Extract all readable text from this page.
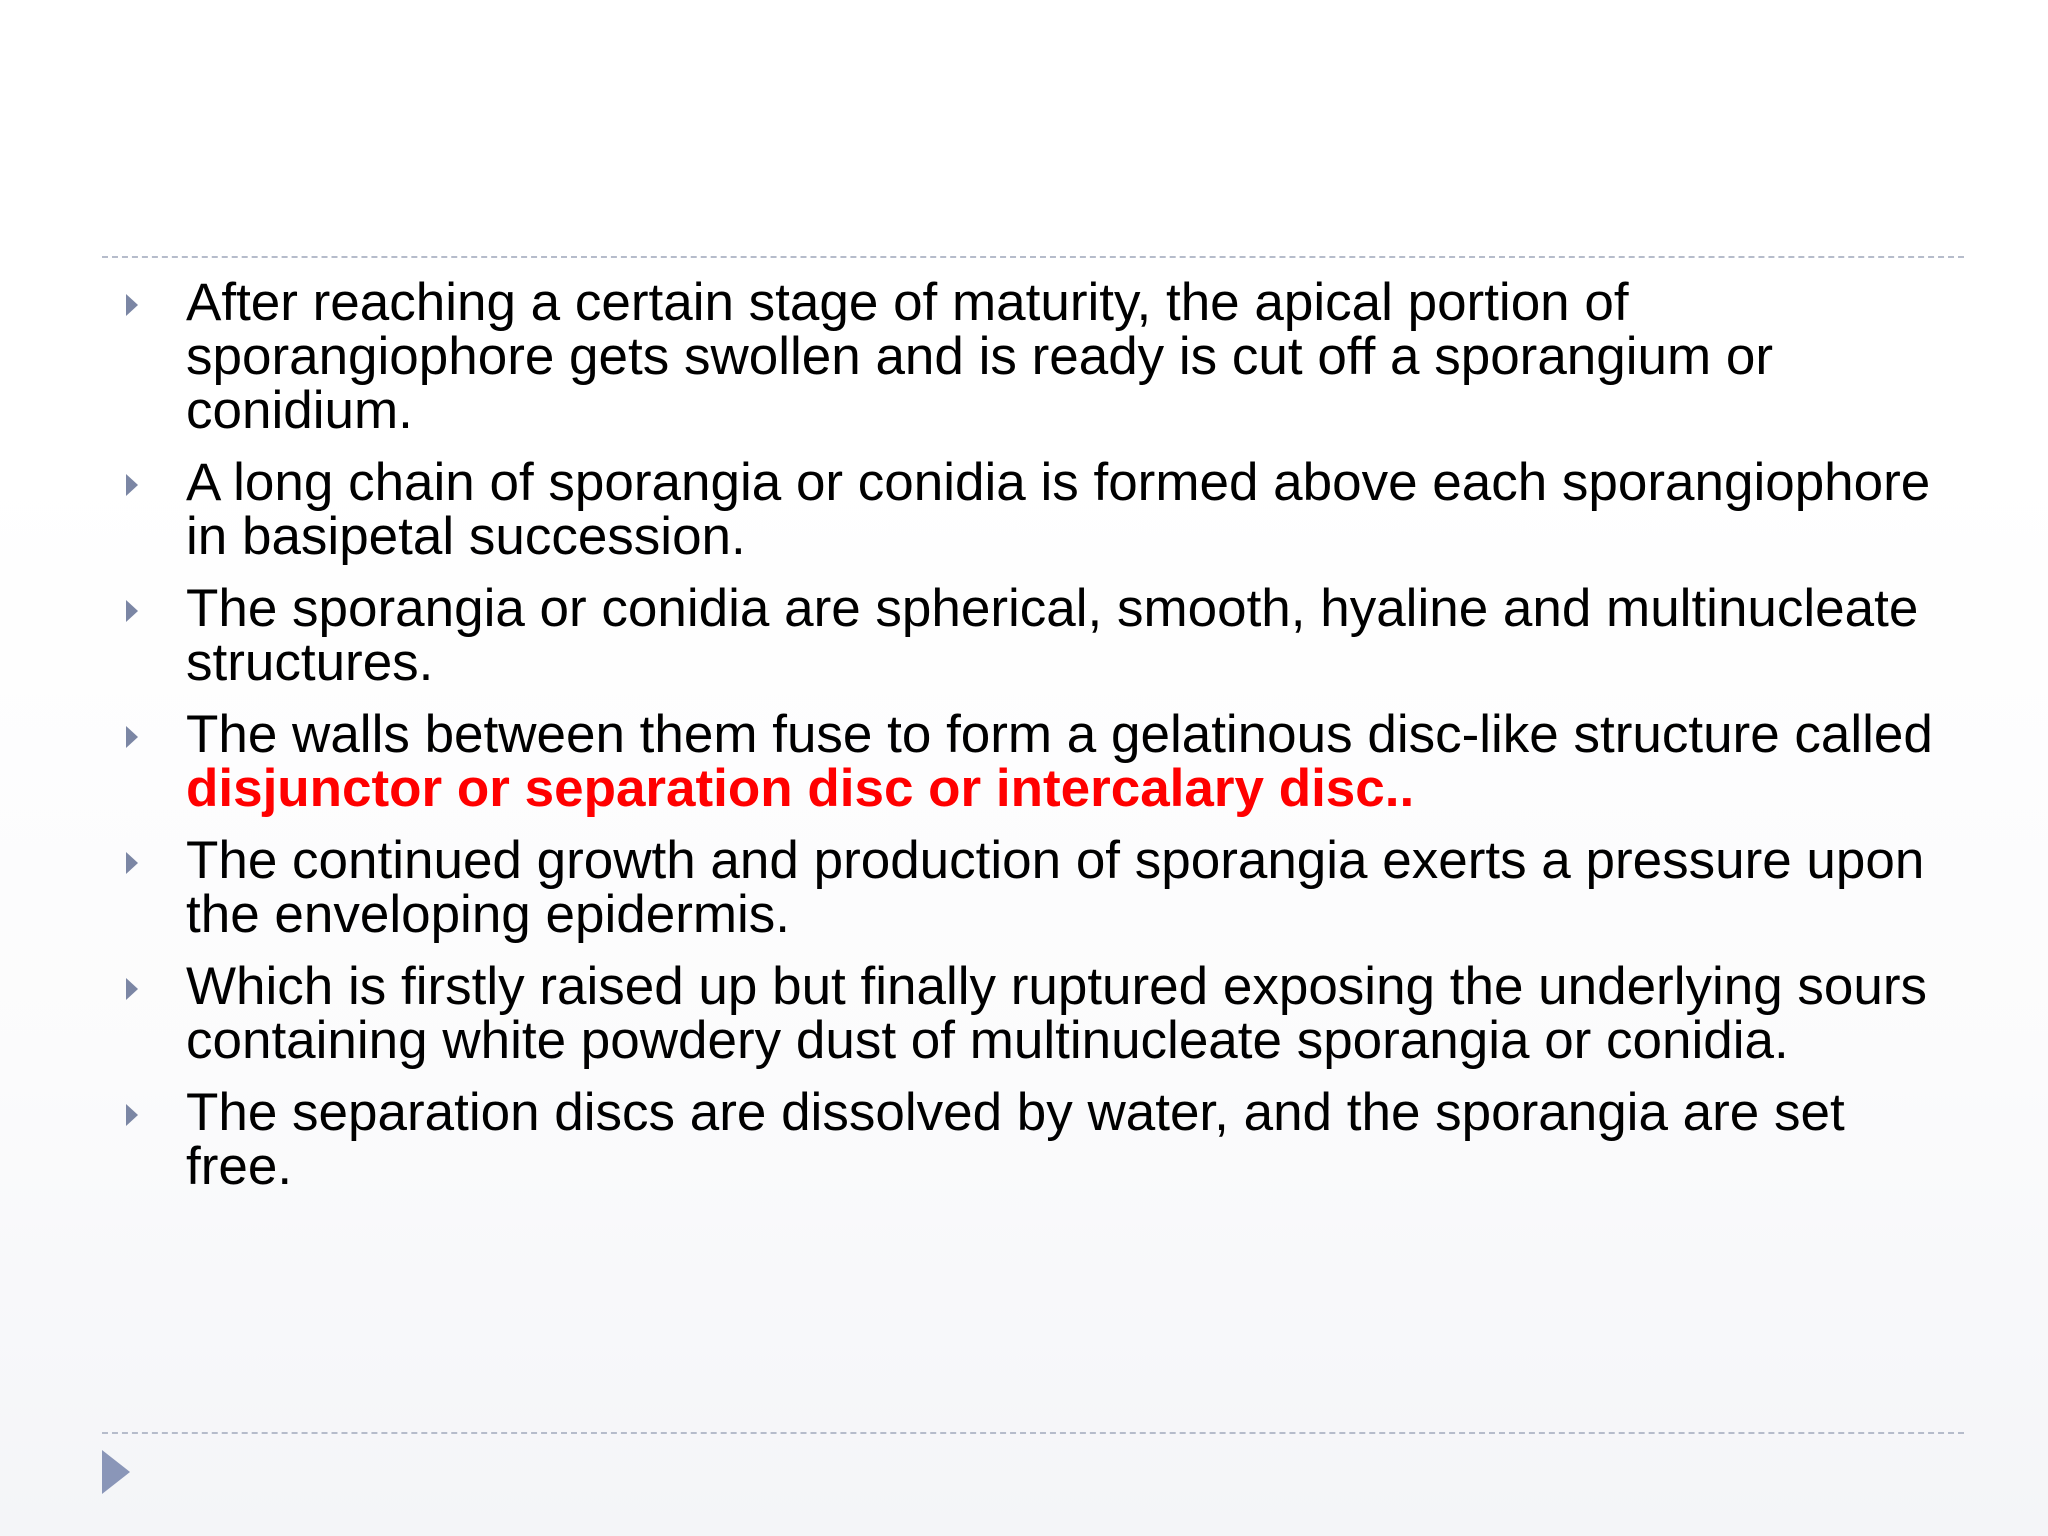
After reaching a certain stage of maturity, the apical portion of sporangiophore gets swollen and is ready is cut off a sporangium or conidium.
A long chain of sporangia or conidia is formed above each sporangiophore in basipetal succession.
The sporangia or conidia are spherical, smooth, hyaline and multinucleate structures.
The walls between them fuse to form a gelatinous disc-like structure called disjunctor or separation disc or intercalary disc..
The continued growth and production of sporangia exerts a pressure upon the enveloping epidermis.
Which is firstly raised up but finally ruptured exposing the underlying sours containing white powdery dust of multinucleate sporangia or conidia.
The separation discs are dissolved by water, and the sporangia are set free.
